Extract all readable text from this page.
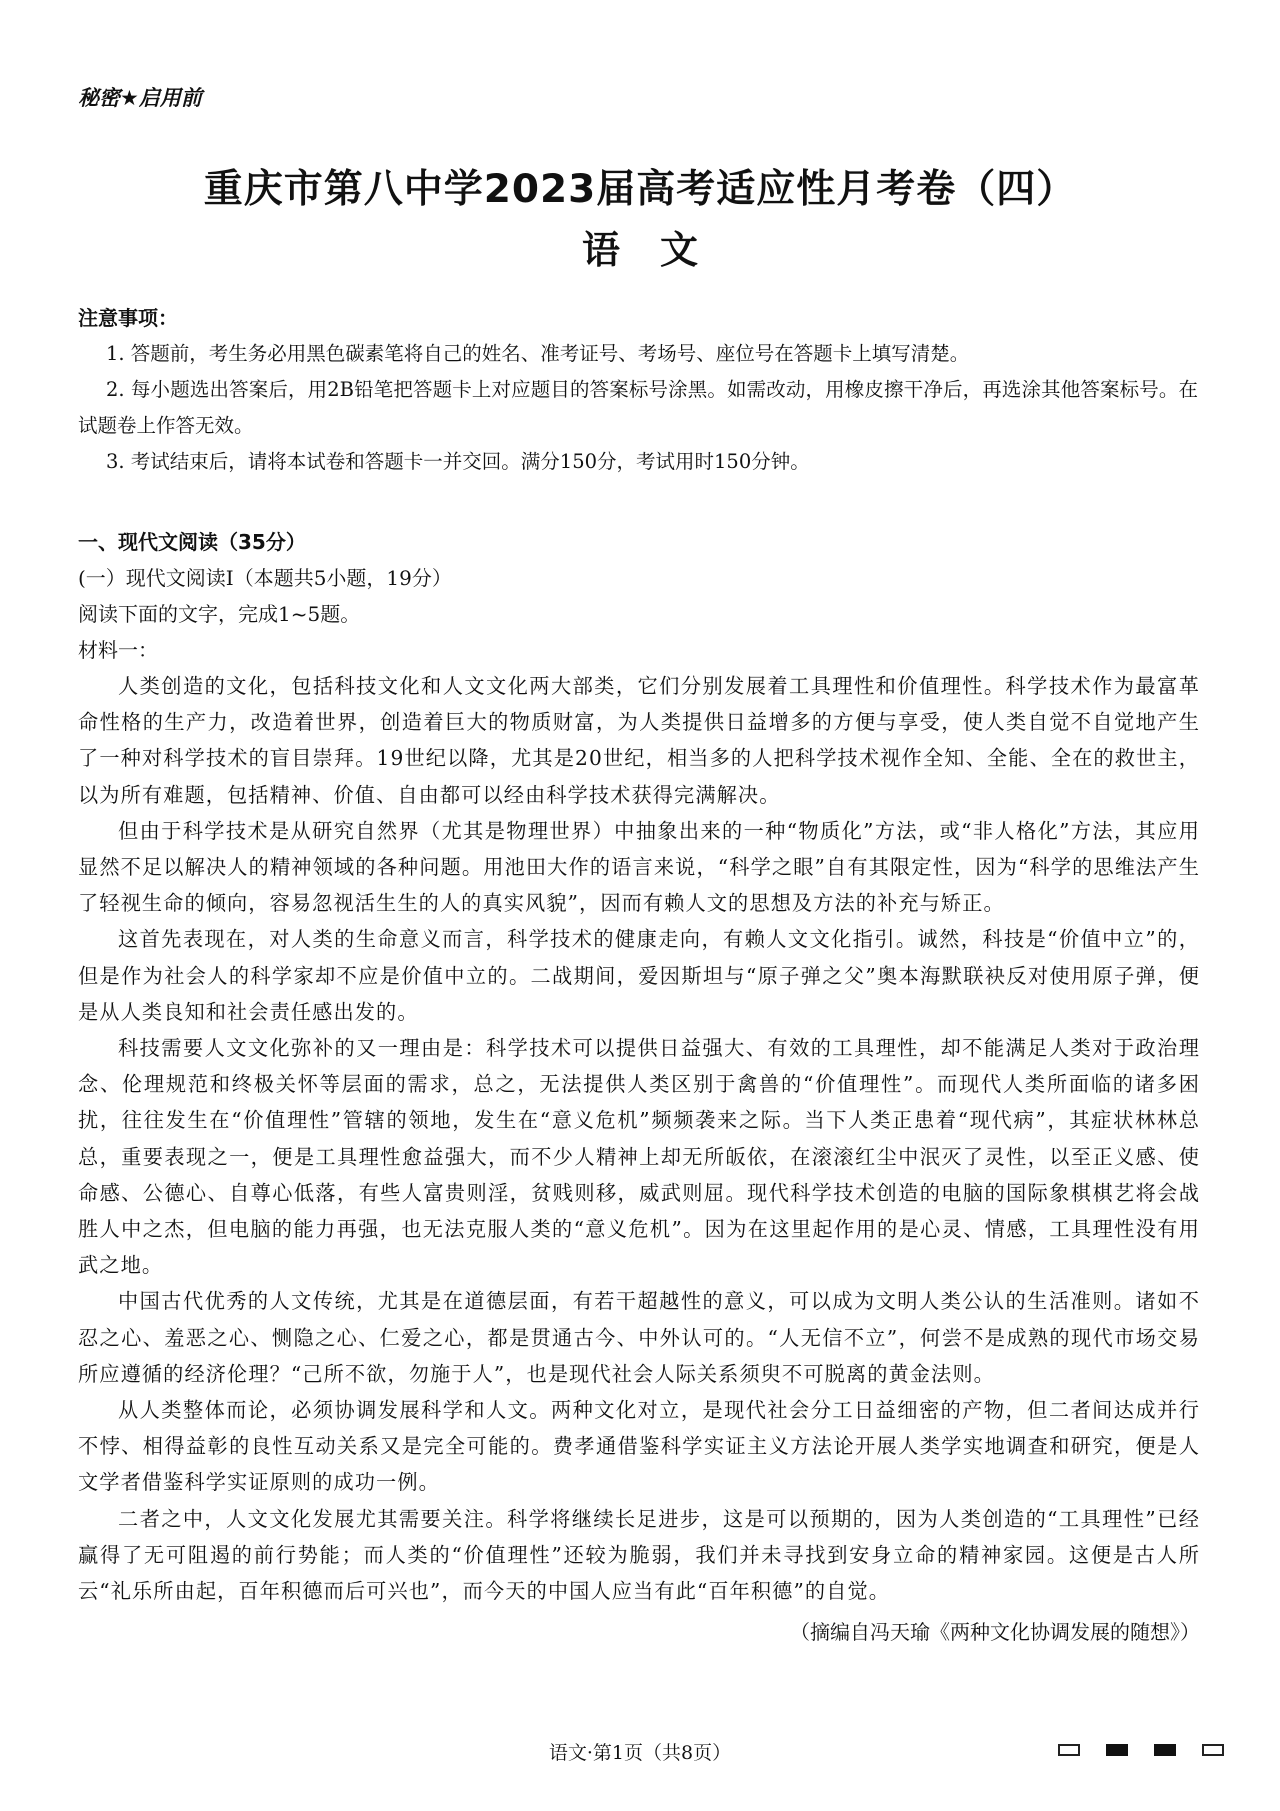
秘密★启用前
重庆市第八中学2023届高考适应性月考卷（四）
语文
注意事项：

1. 答题前，考生务必用黑色碳素笔将自己的姓名、准考证号、考场号、座位号在答题卡上填写清楚。

2. 每小题选出答案后，用2B铅笔把答题卡上对应题目的答案标号涂黑。如需改动，用橡皮擦干净后，再选涂其他答案标号。在试题卷上作答无效。

3. 考试结束后，请将本试卷和答题卡一并交回。满分150分，考试用时150分钟。

一、现代文阅读（35分）
(一）现代文阅读Ⅰ（本题共5小题，19分）
阅读下面的文字，完成1~5题。
材料一：

人类创造的文化，包括科技文化和人文文化两大部类，它们分别发展着工具理性和价值理性。科学技术作为最富革命性格的生产力，改造着世界，创造着巨大的物质财富，为人类提供日益增多的方便与享受，使人类自觉不自觉地产生了一种对科学技术的盲目崇拜。19世纪以降，尤其是20世纪，相当多的人把科学技术视作全知、全能、全在的救世主，以为所有难题，包括精神、价值、自由都可以经由科学技术获得完满解决。

但由于科学技术是从研究自然界（尤其是物理世界）中抽象出来的一种“物质化”方法，或“非人格化”方法，其应用显然不足以解决人的精神领域的各种问题。用池田大作的语言来说，“科学之眼”自有其限定性，因为“科学的思维法产生了轻视生命的倾向，容易忽视活生生的人的真实风貌”，因而有赖人文的思想及方法的补充与矫正。

这首先表现在，对人类的生命意义而言，科学技术的健康走向，有赖人文文化指引。诚然，科技是“价值中立”的，但是作为社会人的科学家却不应是价值中立的。二战期间，爱因斯坦与“原子弹之父”奥本海默联袂反对使用原子弹，便是从人类良知和社会责任感出发的。

科技需要人文文化弥补的又一理由是：科学技术可以提供日益强大、有效的工具理性，却不能满足人类对于政治理念、伦理规范和终极关怀等层面的需求，总之，无法提供人类区别于禽兽的“价值理性”。而现代人类所面临的诸多困扰，往往发生在“价值理性”管辖的领地，发生在“意义危机”频频袭来之际。当下人类正患着“现代病”，其症状林林总总，重要表现之一，便是工具理性愈益强大，而不少人精神上却无所皈依，在滚滚红尘中泯灭了灵性，以至正义感、使命感、公德心、自尊心低落，有些人富贵则淫，贫贱则移，威武则屈。现代科学技术创造的电脑的国际象棋棋艺将会战胜人中之杰，但电脑的能力再强，也无法克服人类的“意义危机”。因为在这里起作用的是心灵、情感，工具理性没有用武之地。

中国古代优秀的人文传统，尤其是在道德层面，有若干超越性的意义，可以成为文明人类公认的生活准则。诸如不忍之心、羞恶之心、恻隐之心、仁爱之心，都是贯通古今、中外认可的。“人无信不立”，何尝不是成熟的现代市场交易所应遵循的经济伦理？“己所不欲，勿施于人”，也是现代社会人际关系须臾不可脱离的黄金法则。

从人类整体而论，必须协调发展科学和人文。两种文化对立，是现代社会分工日益细密的产物，但二者间达成并行不悖、相得益彰的良性互动关系又是完全可能的。费孝通借鉴科学实证主义方法论开展人类学实地调查和研究，便是人文学者借鉴科学实证原则的成功一例。

二者之中，人文文化发展尤其需要关注。科学将继续长足进步，这是可以预期的，因为人类创造的“工具理性”已经赢得了无可阻遏的前行势能；而人类的“价值理性”还较为脆弱，我们并未寻找到安身立命的精神家园。这便是古人所云“礼乐所由起，百年积德而后可兴也”，而今天的中国人应当有此“百年积德”的自觉。

（摘编自冯天瑜《两种文化协调发展的随想》）
语文·第1页（共8页）
